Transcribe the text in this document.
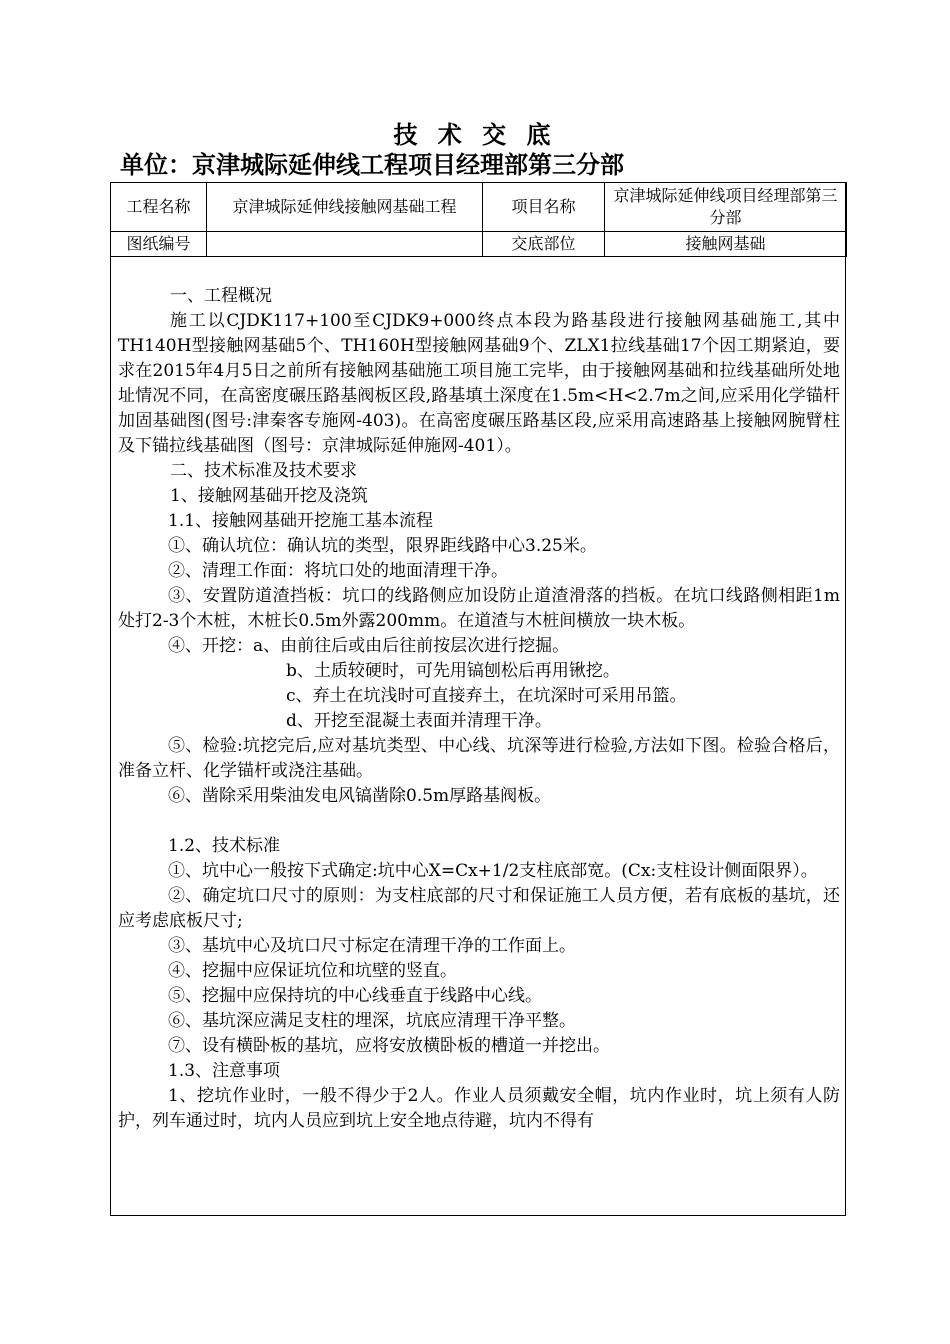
技 术 交 底
单位：京津城际延伸线工程项目经理部第三分部
工程名称	京津城际延伸线接触网基础工程	项目名称	京津城际延伸线项目经理部第三分部
图纸编号		交底部位	接触网基础

一、工程概况

施工以CJDK117+100至CJDK9+000终点本段为路基段进行接触网基础施工,其中TH140H型接触网基础5个、TH160H型接触网基础9个、ZLX1拉线基础17个因工期紧迫，要求在2015年4月5日之前所有接触网基础施工项目施工完毕，由于接触网基础和拉线基础所处地址情况不同，在高密度碾压路基阀板区段,路基填土深度在1.5m<H<2.7m之间,应采用化学锚杆加固基础图(图号:津秦客专施网-403)。在高密度碾压路基区段,应采用高速路基上接触网腕臂柱及下锚拉线基础图（图号：京津城际延伸施网-401）。

二、技术标准及技术要求

1、接触网基础开挖及浇筑

1.1、接触网基础开挖施工基本流程

①、确认坑位：确认坑的类型，限界距线路中心3.25米。

②、清理工作面：将坑口处的地面清理干净。

③、安置防道渣挡板：坑口的线路侧应加设防止道渣滑落的挡板。在坑口线路侧相距1m处打2-3个木桩，木桩长0.5m外露200mm。在道渣与木桩间横放一块木板。

④、开挖：a、由前往后或由后往前按层次进行挖掘。

b、土质较硬时，可先用镐刨松后再用锹挖。

c、弃土在坑浅时可直接弃土，在坑深时可采用吊篮。

d、开挖至混凝土表面并清理干净。

⑤、检验:坑挖完后,应对基坑类型、中心线、坑深等进行检验,方法如下图。检验合格后，准备立杆、化学锚杆或浇注基础。

⑥、凿除采用柴油发电风镐凿除0.5m厚路基阀板。

1.2、技术标准

①、坑中心一般按下式确定:坑中心X=Cx+1/2支柱底部宽。(Cx:支柱设计侧面限界）。

②、确定坑口尺寸的原则：为支柱底部的尺寸和保证施工人员方便，若有底板的基坑，还应考虑底板尺寸;

③、基坑中心及坑口尺寸标定在清理干净的工作面上。

④、挖掘中应保证坑位和坑壁的竖直。

⑤、挖掘中应保持坑的中心线垂直于线路中心线。

⑥、基坑深应满足支柱的埋深，坑底应清理干净平整。

⑦、设有横卧板的基坑，应将安放横卧板的槽道一并挖出。

1.3、注意事项

1、挖坑作业时，一般不得少于2人。作业人员须戴安全帽，坑内作业时，坑上须有人防护，列车通过时，坑内人员应到坑上安全地点待避，坑内不得有
